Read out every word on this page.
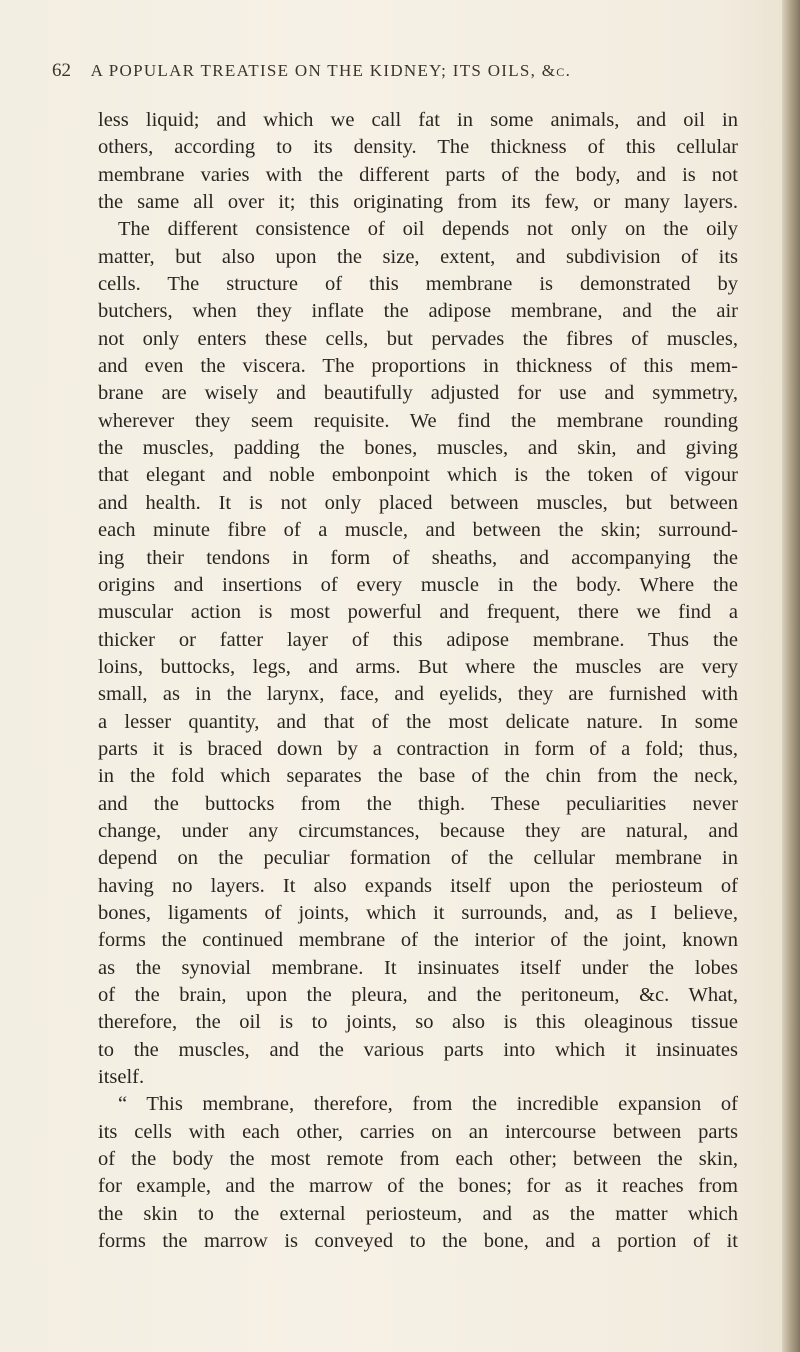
62 A POPULAR TREATISE ON THE KIDNEY; ITS OILS, &c.
less liquid; and which we call fat in some animals, and oil in
others, according to its density. The thickness of this cellular
membrane varies with the different parts of the body, and is not
the same all over it; this originating from its few, or many layers.
The different consistence of oil depends not only on the oily
matter, but also upon the size, extent, and subdivision of its
cells. The structure of this membrane is demonstrated by
butchers, when they inflate the adipose membrane, and the air
not only enters these cells, but pervades the fibres of muscles,
and even the viscera. The proportions in thickness of this mem-
brane are wisely and beautifully adjusted for use and symmetry,
wherever they seem requisite. We find the membrane rounding
the muscles, padding the bones, muscles, and skin, and giving
that elegant and noble embonpoint which is the token of vigour
and health. It is not only placed between muscles, but between
each minute fibre of a muscle, and between the skin; surround-
ing their tendons in form of sheaths, and accompanying the
origins and insertions of every muscle in the body. Where the
muscular action is most powerful and frequent, there we find a
thicker or fatter layer of this adipose membrane. Thus the
loins, buttocks, legs, and arms. But where the muscles are very
small, as in the larynx, face, and eyelids, they are furnished with
a lesser quantity, and that of the most delicate nature. In some
parts it is braced down by a contraction in form of a fold; thus,
in the fold which separates the base of the chin from the neck,
and the buttocks from the thigh. These peculiarities never
change, under any circumstances, because they are natural, and
depend on the peculiar formation of the cellular membrane in
having no layers. It also expands itself upon the periosteum of
bones, ligaments of joints, which it surrounds, and, as I believe,
forms the continued membrane of the interior of the joint, known
as the synovial membrane. It insinuates itself under the lobes
of the brain, upon the pleura, and the peritoneum, &c. What,
therefore, the oil is to joints, so also is this oleaginous tissue
to the muscles, and the various parts into which it insinuates
itself.
“ This membrane, therefore, from the incredible expansion of
its cells with each other, carries on an intercourse between parts
of the body the most remote from each other; between the skin,
for example, and the marrow of the bones; for as it reaches from
the skin to the external periosteum, and as the matter which
forms the marrow is conveyed to the bone, and a portion of it
